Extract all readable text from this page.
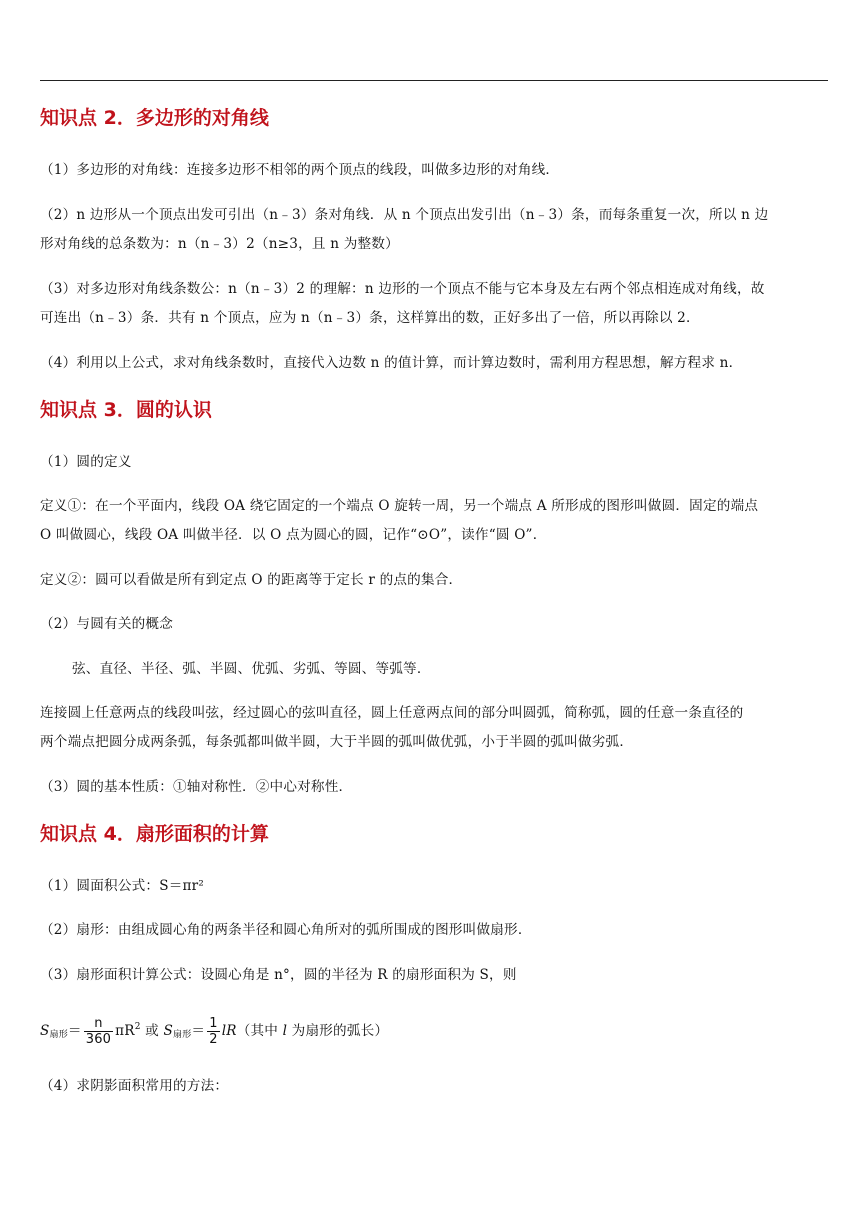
知识点 2．多边形的对角线
（1）多边形的对角线：连接多边形不相邻的两个顶点的线段，叫做多边形的对角线．
（2）n 边形从一个顶点出发可引出（n﹣3）条对角线．从 n 个顶点出发引出（n﹣3）条，而每条重复一次，所以 n 边
形对角线的总条数为：n（n﹣3）2（n≥3，且 n 为整数）
（3）对多边形对角线条数公：n（n﹣3）2 的理解：n 边形的一个顶点不能与它本身及左右两个邻点相连成对角线，故
可连出（n﹣3）条．共有 n 个顶点，应为 n（n﹣3）条，这样算出的数，正好多出了一倍，所以再除以 2．
（4）利用以上公式，求对角线条数时，直接代入边数 n 的值计算，而计算边数时，需利用方程思想，解方程求 n．
知识点 3．圆的认识
（1）圆的定义
定义①：在一个平面内，线段 OA 绕它固定的一个端点 O 旋转一周，另一个端点 A 所形成的图形叫做圆．固定的端点
O 叫做圆心，线段 OA 叫做半径．以 O 点为圆心的圆，记作“⊙O”，读作“圆 O”．
定义②：圆可以看做是所有到定点 O 的距离等于定长 r 的点的集合．
（2）与圆有关的概念
弦、直径、半径、弧、半圆、优弧、劣弧、等圆、等弧等．
连接圆上任意两点的线段叫弦，经过圆心的弦叫直径，圆上任意两点间的部分叫圆弧，简称弧，圆的任意一条直径的
两个端点把圆分成两条弧，每条弧都叫做半圆，大于半圆的弧叫做优弧，小于半圆的弧叫做劣弧．
（3）圆的基本性质：①轴对称性．②中心对称性．
知识点 4．扇形面积的计算
（1）圆面积公式：S＝πr²
（2）扇形：由组成圆心角的两条半径和圆心角所对的弧所围成的图形叫做扇形．
（3）扇形面积计算公式：设圆心角是 n°，圆的半径为 R 的扇形面积为 S，则
$S_{扇形}= \frac{n}{360} \pi R^2$ 或 $S_{扇形}= \frac{1}{2} lR$（其中 l 为扇形的弧长）
（4）求阴影面积常用的方法：
